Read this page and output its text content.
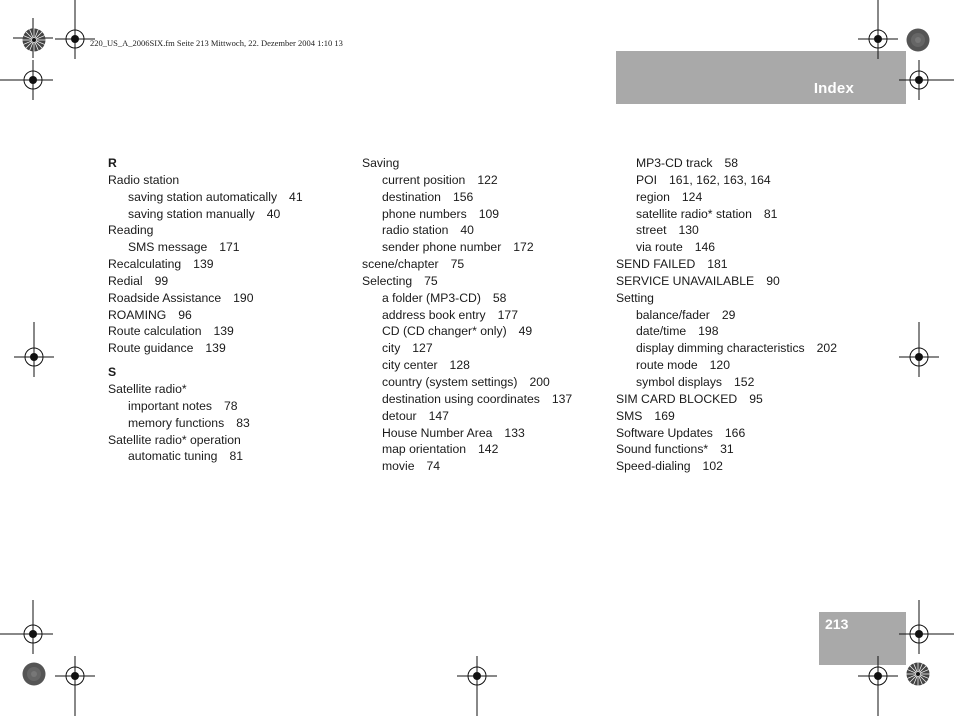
220_US_A_2006SIX.fm Seite 213 Mittwoch, 22. Dezember 2004 1:10 13
Index
R
Radio station
saving station automatically 41
saving station manually 40
Reading
SMS message 171
Recalculating 139
Redial 99
Roadside Assistance 190
ROAMING 96
Route calculation 139
Route guidance 139
S
Satellite radio*
important notes 78
memory functions 83
Satellite radio* operation
automatic tuning 81
Saving
current position 122
destination 156
phone numbers 109
radio station 40
sender phone number 172
scene/chapter 75
Selecting 75
a folder (MP3-CD) 58
address book entry 177
CD (CD changer* only) 49
city 127
city center 128
country (system settings) 200
destination using coordinates 137
detour 147
House Number Area 133
map orientation 142
movie 74
MP3-CD track 58
POI 161, 162, 163, 164
region 124
satellite radio* station 81
street 130
via route 146
SEND FAILED 181
SERVICE UNAVAILABLE 90
Setting
balance/fader 29
date/time 198
display dimming characteristics 202
route mode 120
symbol displays 152
SIM CARD BLOCKED 95
SMS 169
Software Updates 166
Sound functions* 31
Speed-dialing 102
213
